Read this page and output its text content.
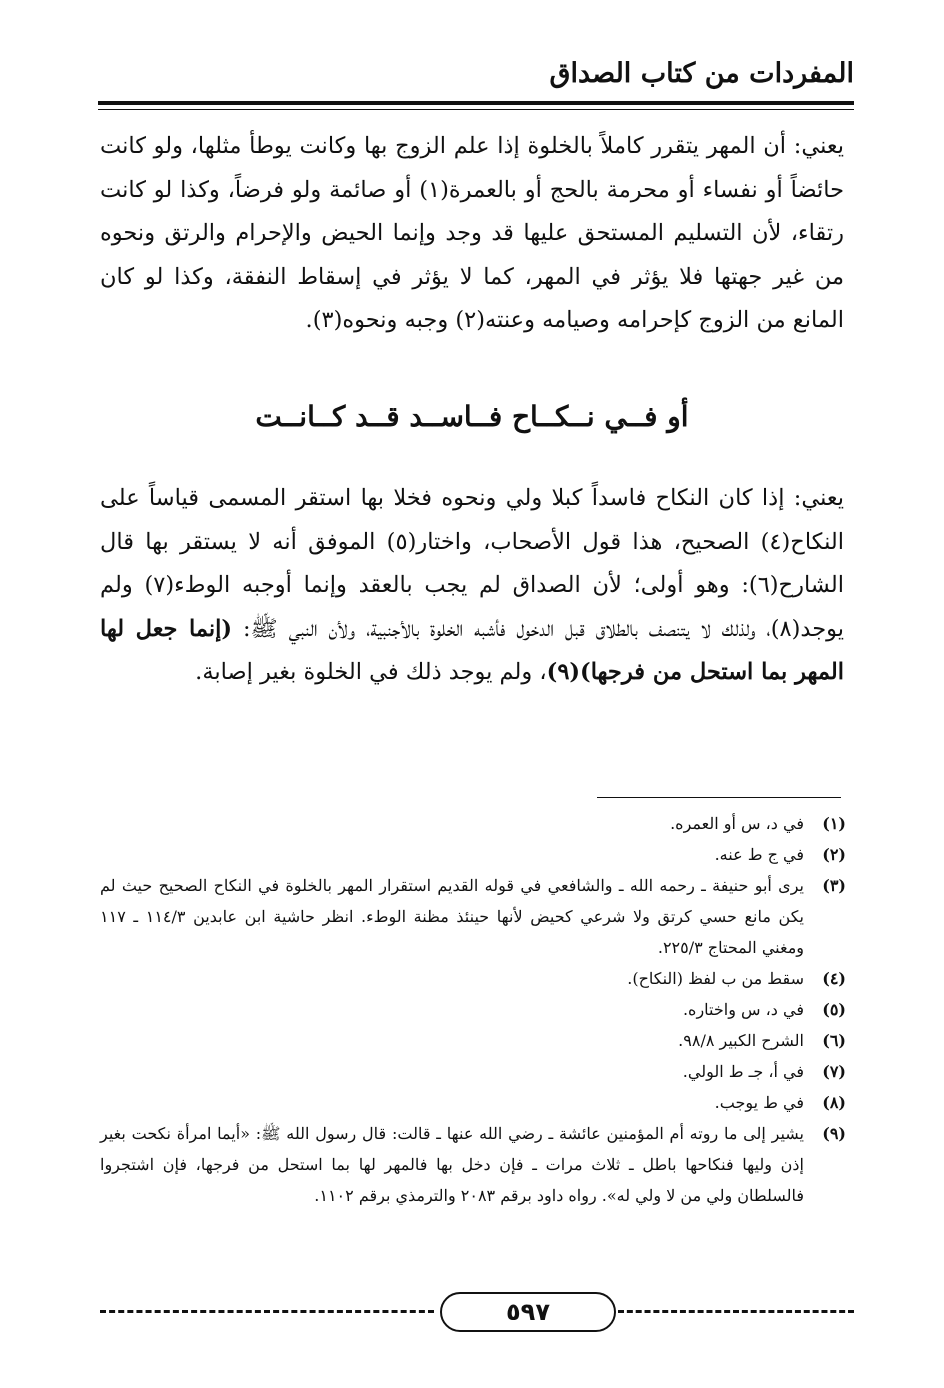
المفردات من كتاب الصداق
يعني: أن المهر يتقرر كاملاً بالخلوة إذا علم الزوج بها وكانت يوطأ مثلها، ولو كانت حائضاً أو نفساء أو محرمة بالحج أو بالعمرة(١) أو صائمة ولو فرضاً، وكذا لو كانت رتقاء، لأن التسليم المستحق عليها قد وجد وإنما الحيض والإحرام والرتق ونحوه من غير جهتها فلا يؤثر في المهر، كما لا يؤثر في إسقاط النفقة، وكذا لو كان المانع من الزوج كإحرامه وصيامه وعنته(٢) وجبه ونحوه(٣).
أو فــي نــكــاح فــاســد قــد كــانــت
يعني: إذا كان النكاح فاسداً كبلا ولي ونحوه فخلا بها استقر المسمى قياساً على النكاح(٤) الصحيح، هذا قول الأصحاب، واختار(٥) الموفق أنه لا يستقر بها قال الشارح(٦): وهو أولى؛ لأن الصداق لم يجب بالعقد وإنما أوجبه الوطء(٧) ولم يوجد(٨)، ولذلك لا يتنصف بالطلاق قبل الدخول فأشبه الخلوة بالأجنبية، ولأن النبي ﷺ: (إنما جعل لها المهر بما استحل من فرجها)(٩)، ولم يوجد ذلك في الخلوة بغير إصابة.
(١)
في د، س أو العمره.
(٢)
في ج ط عنه.
(٣)
يرى أبو حنيفة ـ رحمه الله ـ والشافعي في قوله القديم استقرار المهر بالخلوة في النكاح الصحيح حيث لم يكن مانع حسي كرتق ولا شرعي كحيض لأنها حينئذ مظنة الوطء. انظر حاشية ابن عابدين ١١٤/٣ ـ ١١٧ ومغني المحتاج ٢٢٥/٣.
(٤)
سقط من ب لفظ (النكاح).
(٥)
في د، س واختاره.
(٦)
الشرح الكبير ٩٨/٨.
(٧)
في أ، جـ ط الولي.
(٨)
في ط يوجب.
(٩)
يشير إلى ما روته أم المؤمنين عائشة ـ رضي الله عنها ـ قالت: قال رسول الله ﷺ: «أيما امرأة نكحت بغير إذن وليها فنكاحها باطل ـ ثلاث مرات ـ فإن دخل بها فالمهر لها بما استحل من فرجها، فإن اشتجروا فالسلطان ولي من لا ولي له». رواه داود برقم ٢٠٨٣ والترمذي برقم ١١٠٢.
٥٩٧
